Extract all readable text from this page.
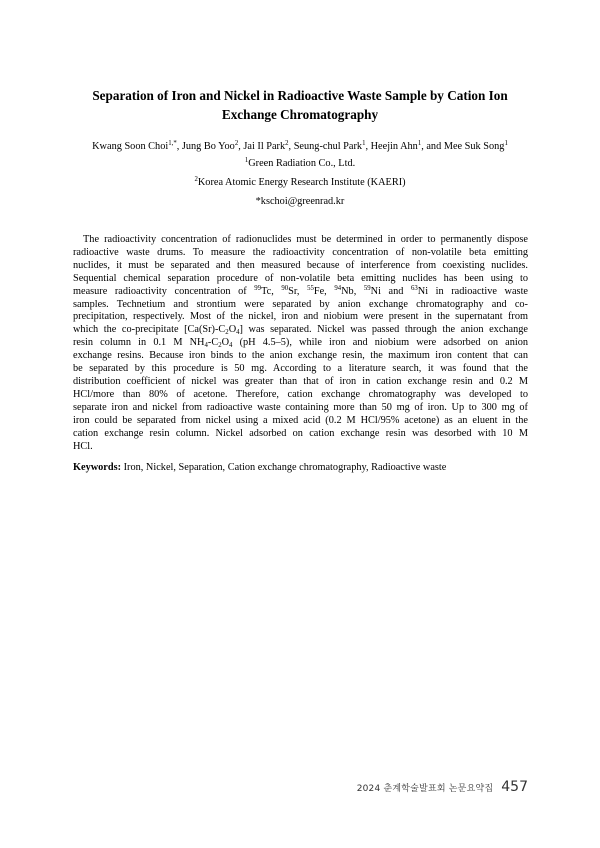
Separation of Iron and Nickel in Radioactive Waste Sample by Cation Ion
Exchange Chromatography
Kwang Soon Choi$^{1,*}$, Jung Bo Yoo$^2$, Jai Il Park$^2$, Seung-chul Park$^1$, Heejin Ahn$^1$, and Mee Suk Song$^1$
$^1$Green Radiation Co., Ltd.
$^2$Korea Atomic Energy Research Institute (KAERI)
*kschoi@greenrad.kr
The radioactivity concentration of radionuclides must be determined in order to permanently dispose
radioactive waste drums. To measure the radioactivity concentration of non-volatile beta emitting
nuclides, it must be separated and then measured because of interference from coexisting nuclides.
Sequential chemical separation procedure of non-volatile beta emitting nuclides has been using to
measure radioactivity concentration of $^{99}$Tc, $^{90}$Sr, $^{55}$Fe, $^{94}$Nb, $^{59}$Ni and $^{63}$Ni in radioactive waste
samples. Technetium and strontium were separated by anion exchange chromatography and co-
precipitation, respectively. Most of the nickel, iron and niobium were present in the supernatant from
which the co-precipitate $[Ca(Sr)-C_2O_4]$ was separated. Nickel was passed through the anion exchange
resin column in 0.1 M $NH_4-C_2O_4$ (pH 4.5–5), while iron and niobium were adsorbed on anion
exchange resins. Because iron binds to the anion exchange resin, the maximum iron content that can
be separated by this procedure is 50 mg. According to a literature search, it was found that the
distribution coefficient of nickel was greater than that of iron in cation exchange resin and 0.2 M
HCl/more than 80% of acetone. Therefore, cation exchange chromatography was developed to
separate iron and nickel from radioactive waste containing more than 50 mg of iron. Up to 300 mg of
iron could be separated from nickel using a mixed acid (0.2 M HCl/95% acetone) as an eluent in the
cation exchange resin column. Nickel adsorbed on cation exchange resin was desorbed with 10 M
HCl.
Keywords: Iron, Nickel, Separation, Cation exchange chromatography, Radioactive waste
2024 춘계학술발표회 논문요약집 457
